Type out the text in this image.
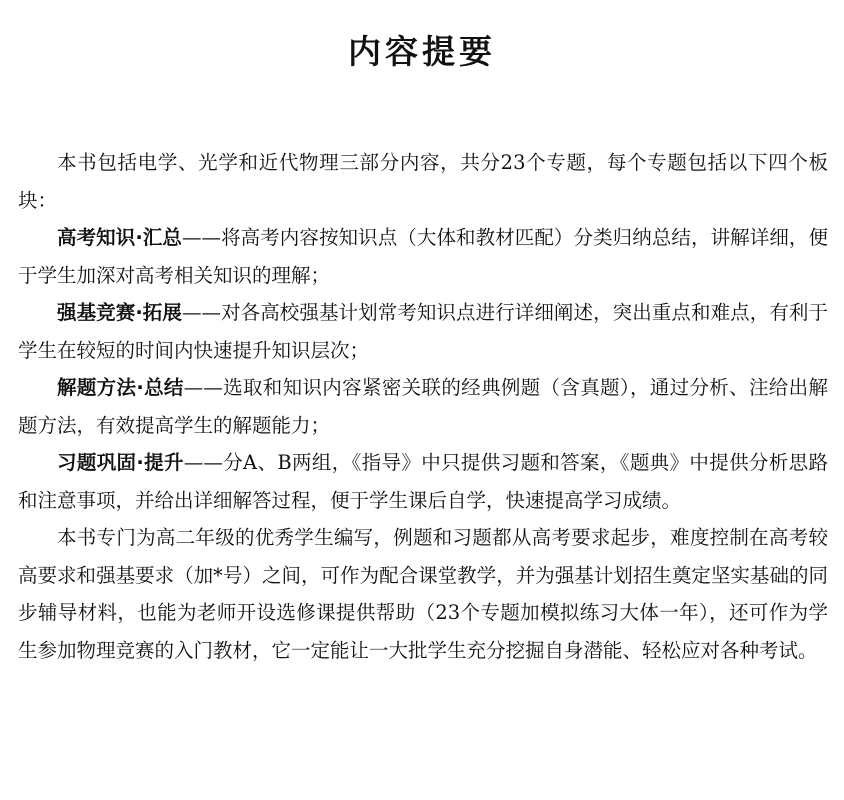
内容提要

本书包括电学、光学和近代物理三部分内容，共分23个专题，每个专题包括以下四个板块：

高考知识·汇总——将高考内容按知识点（大体和教材匹配）分类归纳总结，讲解详细，便于学生加深对高考相关知识的理解；

强基竞赛·拓展——对各高校强基计划常考知识点进行详细阐述，突出重点和难点，有利于学生在较短的时间内快速提升知识层次；

解题方法·总结——选取和知识内容紧密关联的经典例题（含真题），通过分析、注给出解题方法，有效提高学生的解题能力；

习题巩固·提升——分A、B两组，《指导》中只提供习题和答案，《题典》中提供分析思路和注意事项，并给出详细解答过程，便于学生课后自学，快速提高学习成绩。

本书专门为高二年级的优秀学生编写，例题和习题都从高考要求起步，难度控制在高考较高要求和强基要求（加*号）之间，可作为配合课堂教学，并为强基计划招生奠定坚实基础的同步辅导材料，也能为老师开设选修课提供帮助（23个专题加模拟练习大体一年），还可作为学生参加物理竞赛的入门教材，它一定能让一大批学生充分挖掘自身潜能、轻松应对各种考试。
